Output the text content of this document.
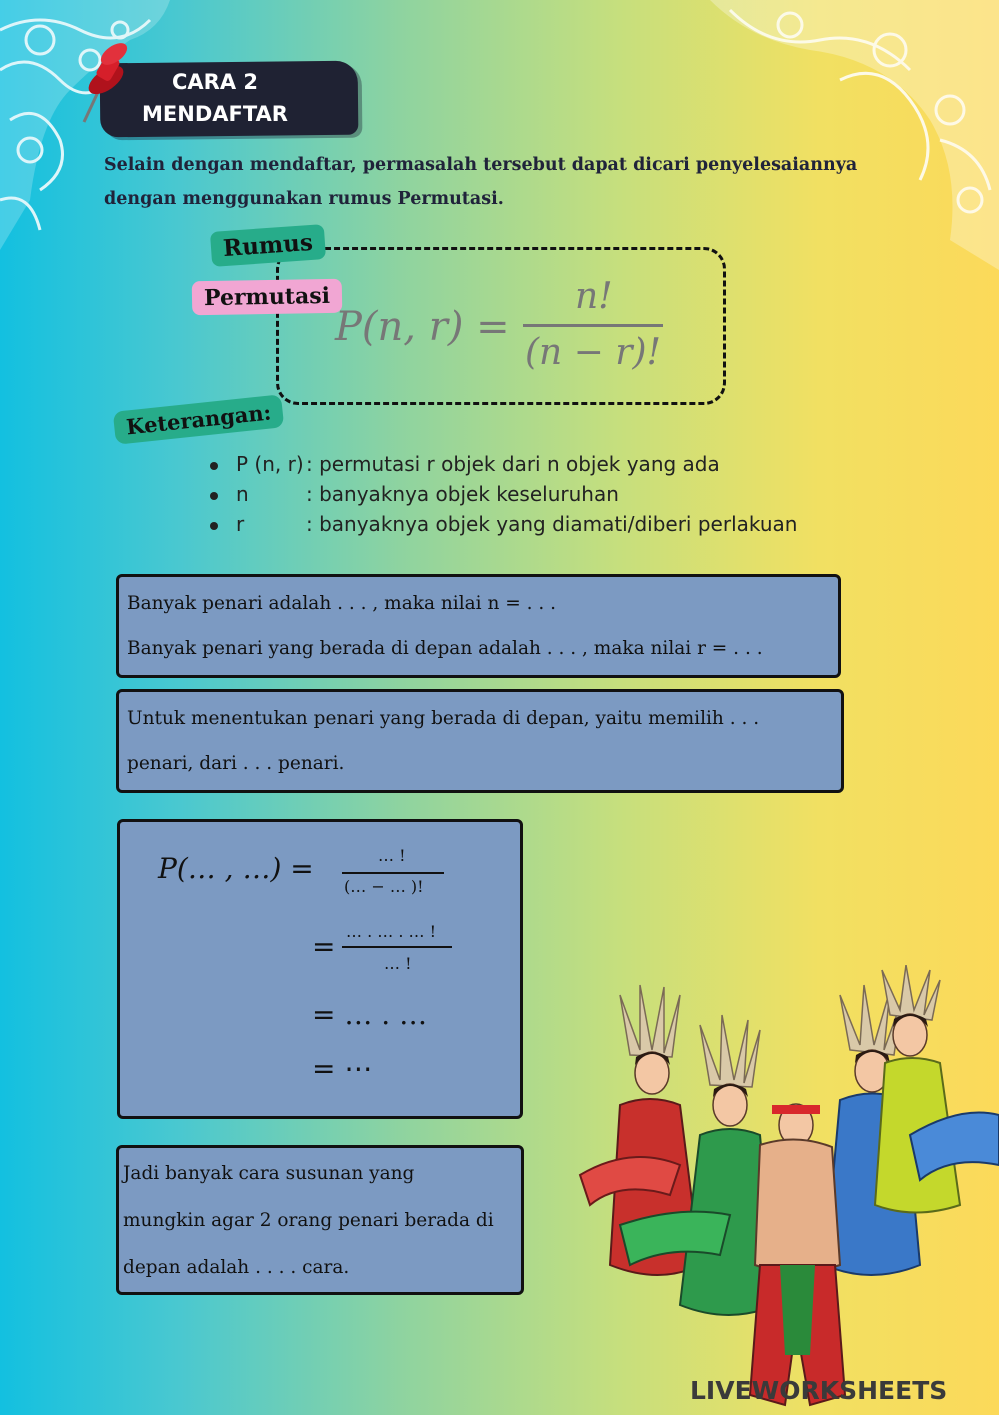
CARA 2
MENDAFTAR
Selain dengan mendaftar, permasalah tersebut dapat dicari penyelesaiannya dengan menggunakan rumus Permutasi.
Rumus
Permutasi
P(n, r) =
n!
(n − r)!
Keterangan:
P (n, r) : permutasi r objek dari n objek yang ada
n	: banyaknya objek keseluruhan
r	: banyaknya objek yang diamati/diberi perlakuan

Banyak penari adalah . . . , maka nilai n = . . .

Banyak penari yang berada di depan adalah . . . , maka nilai r = . . .

Untuk menentukan penari yang berada di depan, yaitu memilih . . .

penari, dari . . . penari.

P(… , …) =	… !
(… − … )!
= … . … . … !
… !
= … . …
= ⋯

Jadi banyak cara susunan yang

mungkin agar 2 orang penari berada di

depan adalah . . . . cara.

LIVEWORKSHEETS
